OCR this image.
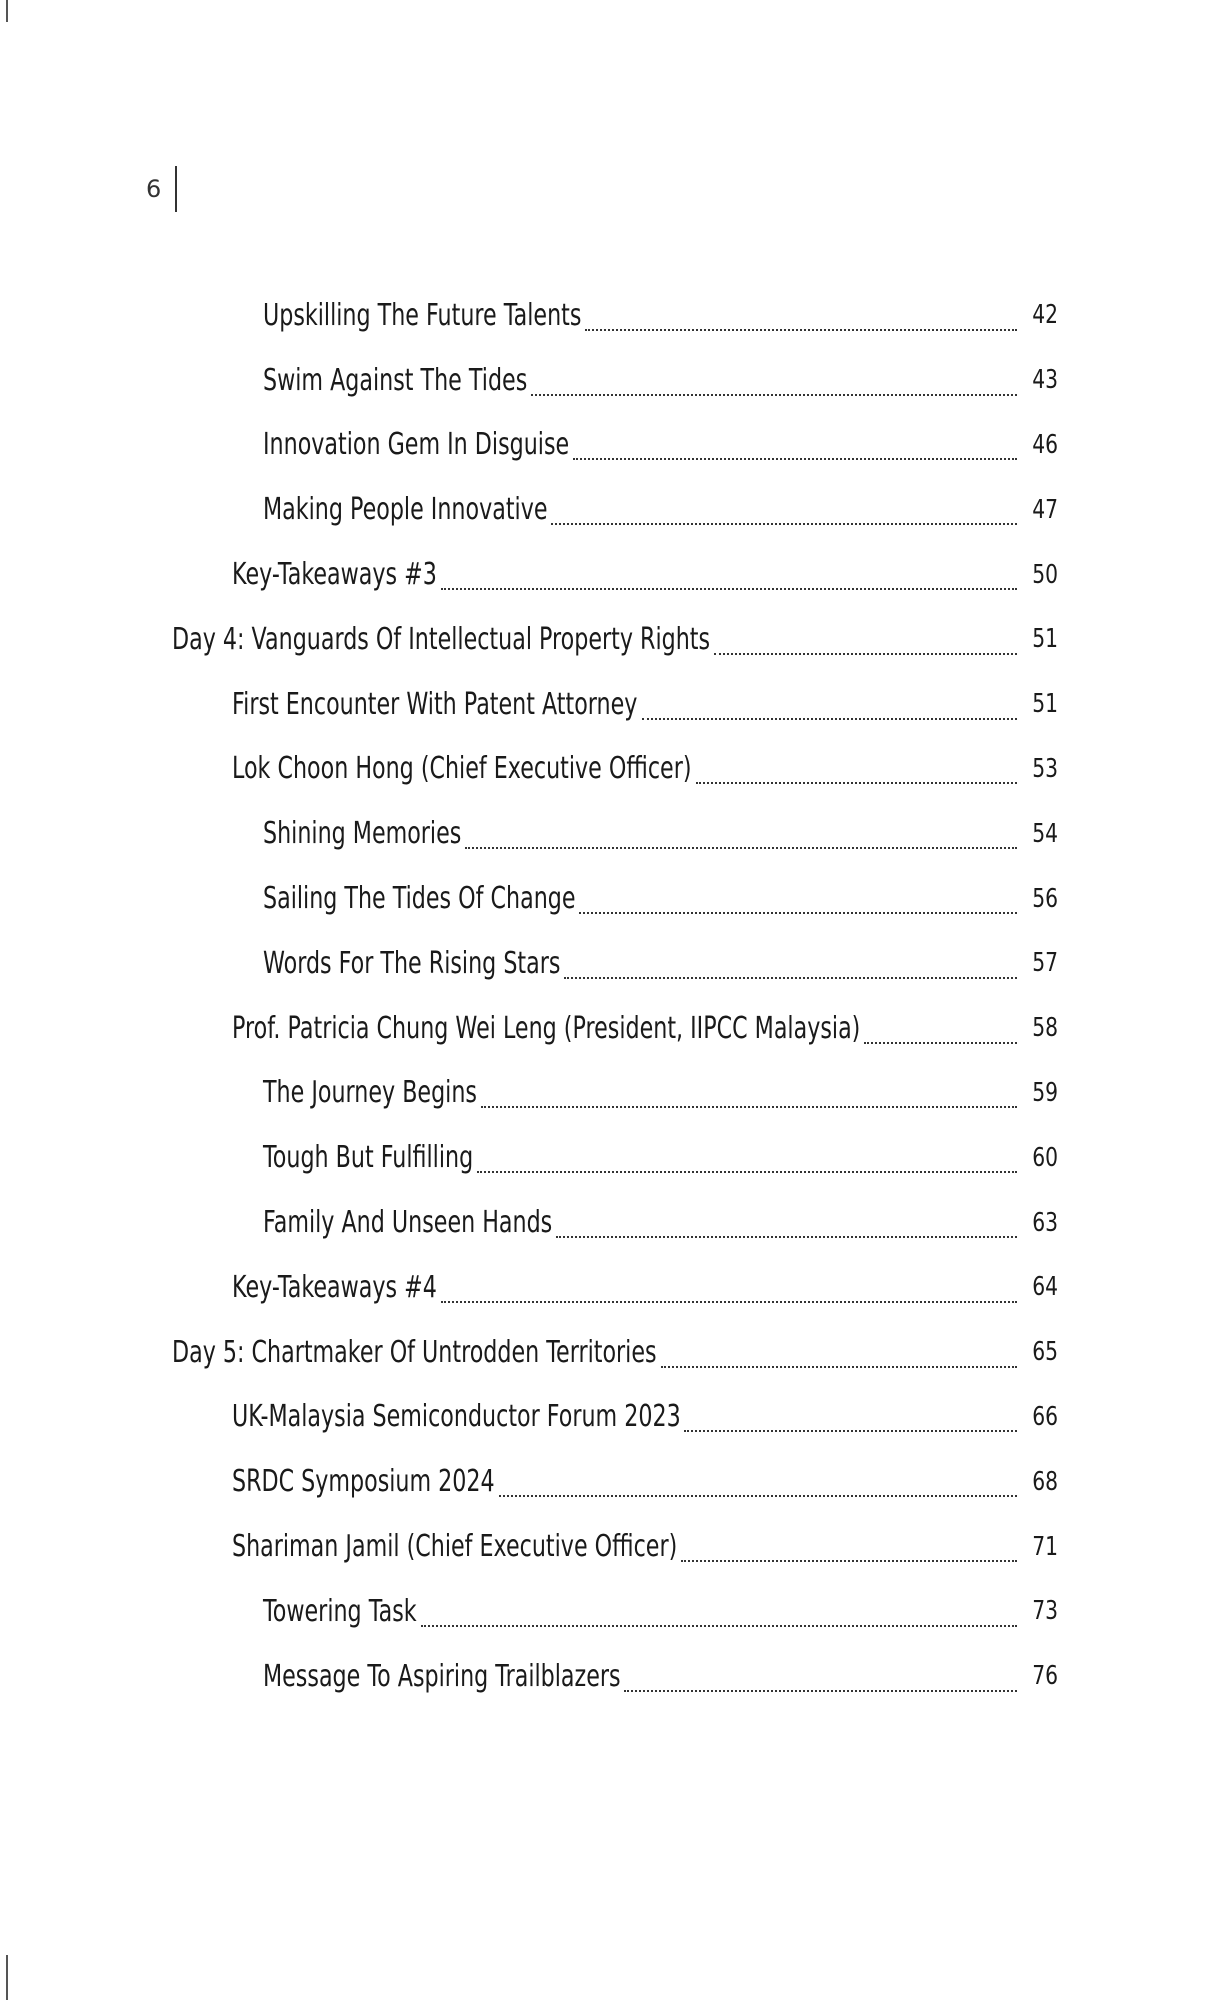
6
Upskilling The Future Talents	42
Swim Against The Tides	43
Innovation Gem In Disguise	46
Making People Innovative	47
Key-Takeaways #3	50
Day 4: Vanguards Of Intellectual Property Rights	51
First Encounter With Patent Attorney	51
Lok Choon Hong (Chief Executive Officer)	53
Shining Memories	54
Sailing The Tides Of Change	56
Words For The Rising Stars	57
Prof. Patricia Chung Wei Leng (President, IIPCC Malaysia)	58
The Journey Begins	59
Tough But Fulfilling	60
Family And Unseen Hands	63
Key-Takeaways #4	64
Day 5: Chartmaker Of Untrodden Territories	65
UK-Malaysia Semiconductor Forum 2023	66
SRDC Symposium 2024	68
Shariman Jamil (Chief Executive Officer)	71
Towering Task	73
Message To Aspiring Trailblazers	76
